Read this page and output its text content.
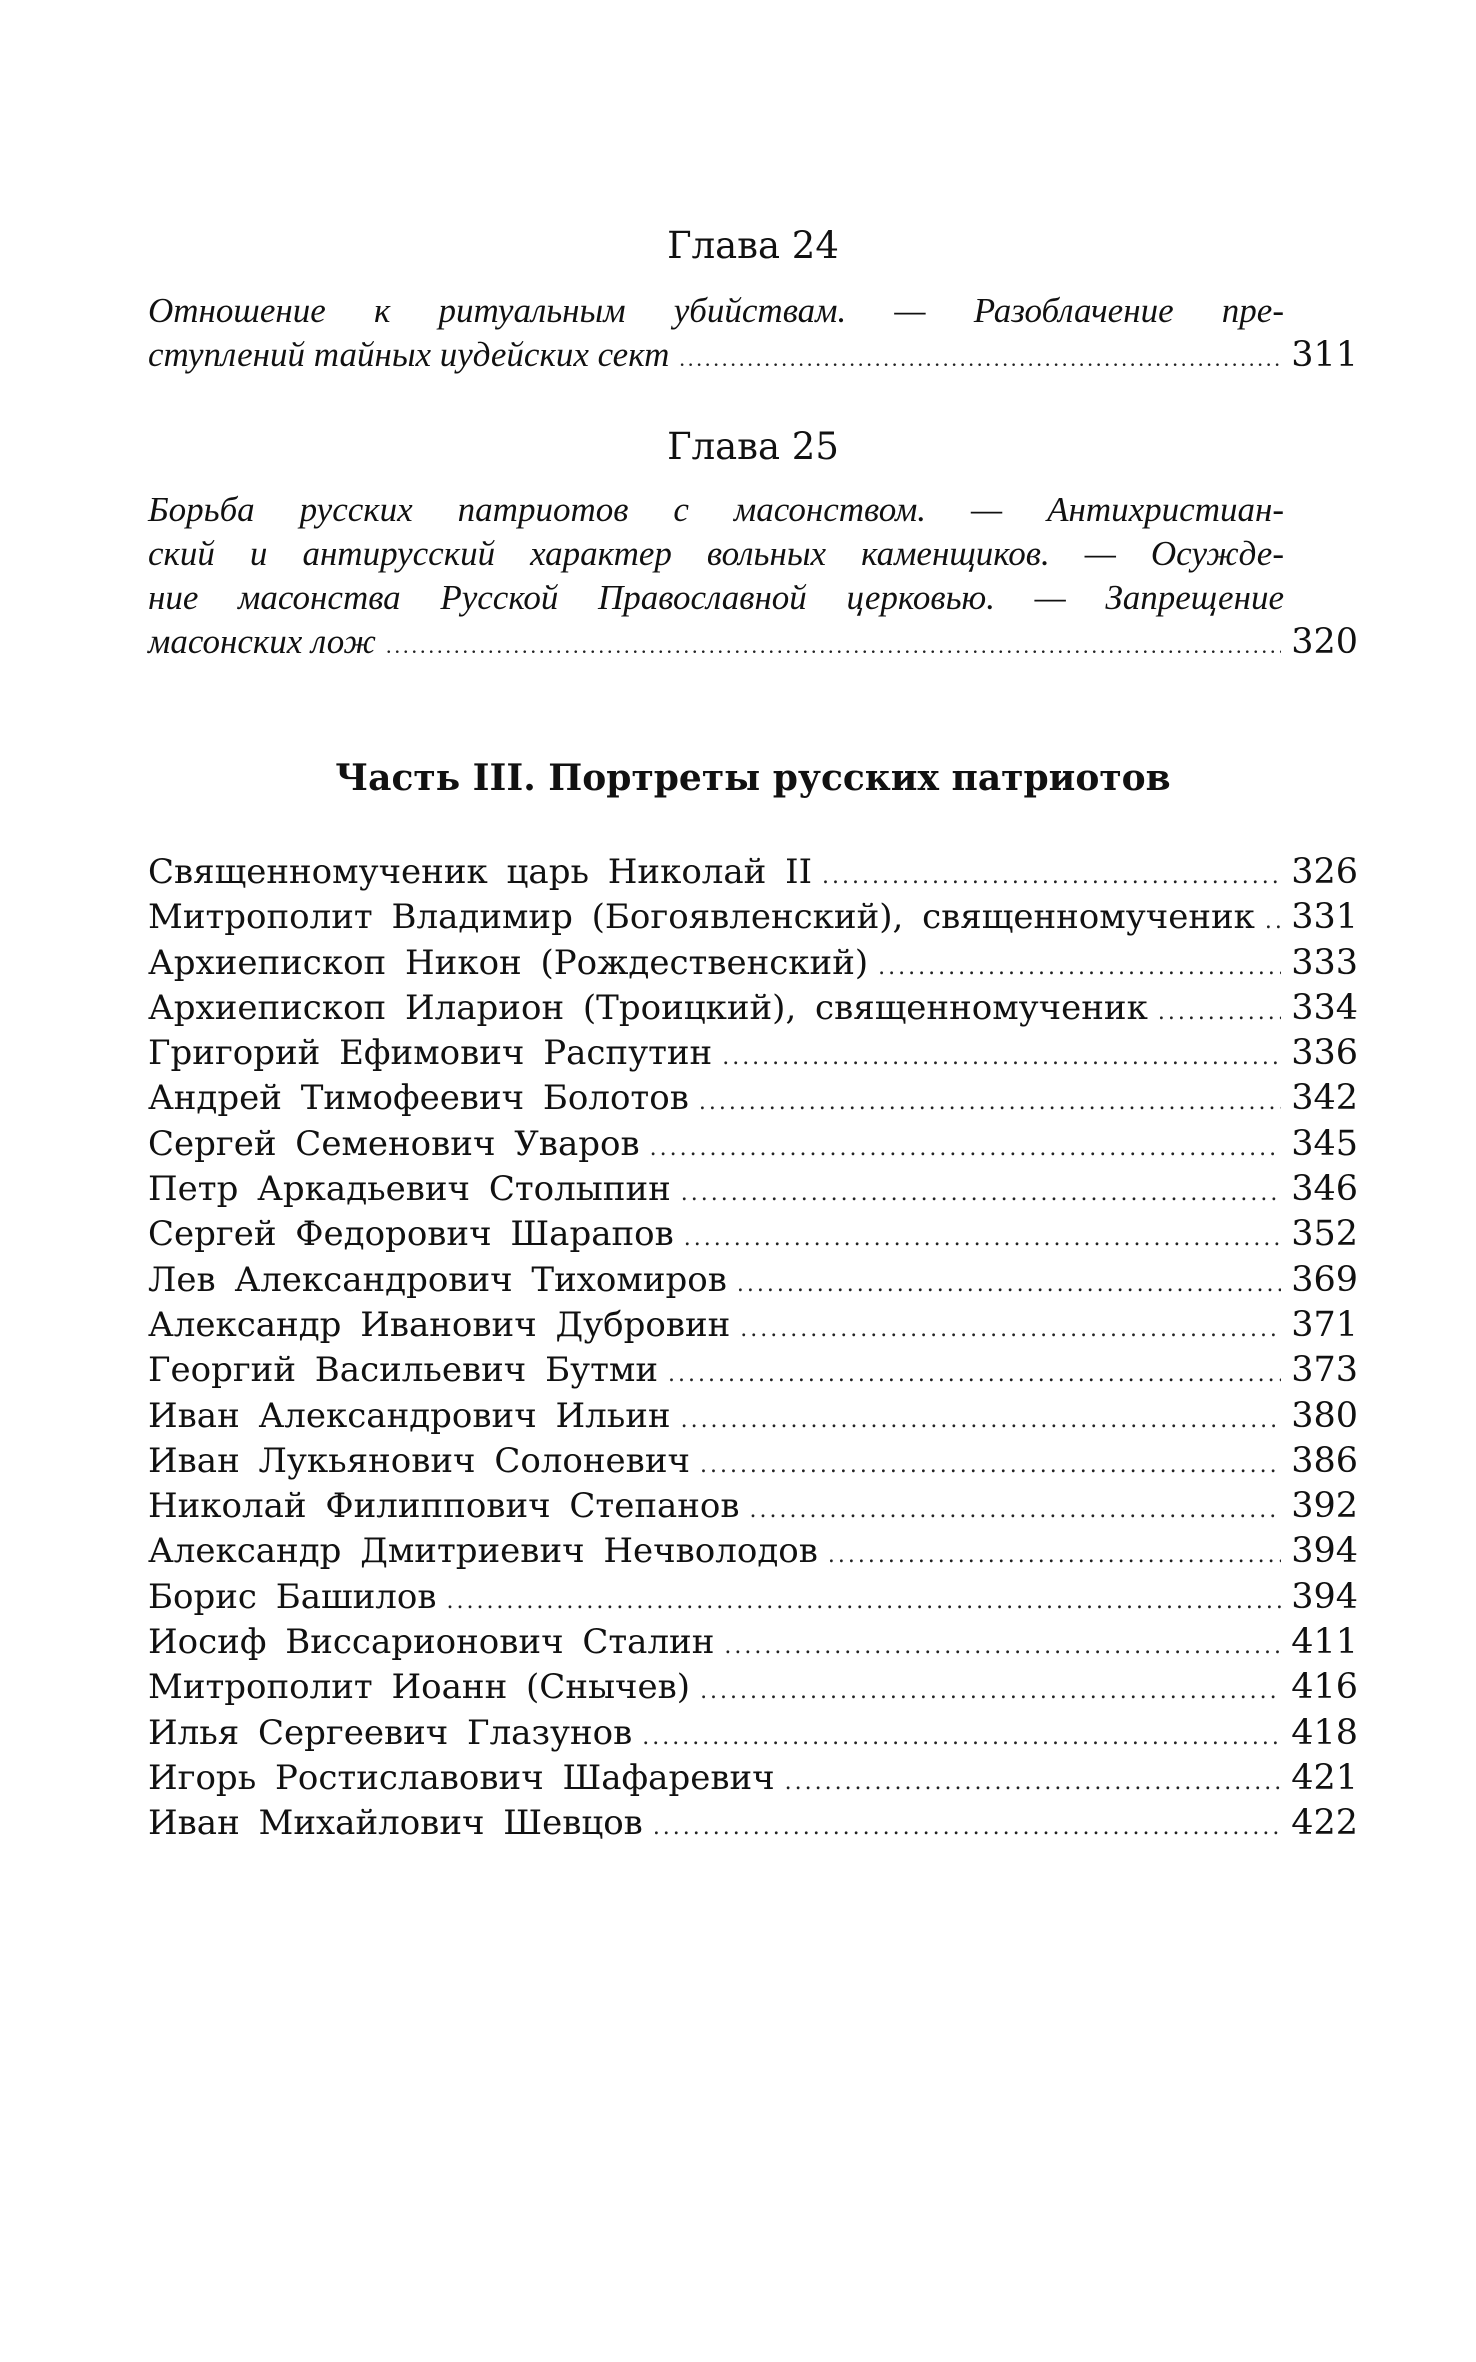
Глава 24
Отношение к ритуальным убийствам. — Разоблачение пре-
ступлений тайных иудейских сект .....	311
Глава 25
Борьба русских патриотов с масонством. — Антихристиан-
ский и антирусский характер вольных каменщиков. — Осужде-
ние масонства Русской Православной церковью. — Запрещение
масонских лож .....	320
Часть III. Портреты русских патриотов
Священномученик царь Николай II .....	326
Митрополит Владимир (Богоявленский), священномученик ..... 331
Архиепископ Никон (Рождественский) .....	333
Архиепископ Иларион (Троицкий), священномученик .....	334
Григорий Ефимович Распутин .....	336
Андрей Тимофеевич Болотов .....	342
Сергей Семенович Уваров .....	345
Петр Аркадьевич Столыпин .....	346
Сергей Федорович Шарапов .....	352
Лев Александрович Тихомиров .....	369
Александр Иванович Дубровин .....	371
Георгий Васильевич Бутми .....	373
Иван Александрович Ильин .....	380
Иван Лукьянович Солоневич .....	386
Николай Филиппович Степанов .....	392
Александр Дмитриевич Нечволодов .....	394
Борис Башилов .....	394
Иосиф Виссарионович Сталин .....	411
Митрополит Иоанн (Снычев) .....	416
Илья Сергеевич Глазунов .....	418
Игорь Ростиславович Шафаревич .....	421
Иван Михайлович Шевцов .....	422
